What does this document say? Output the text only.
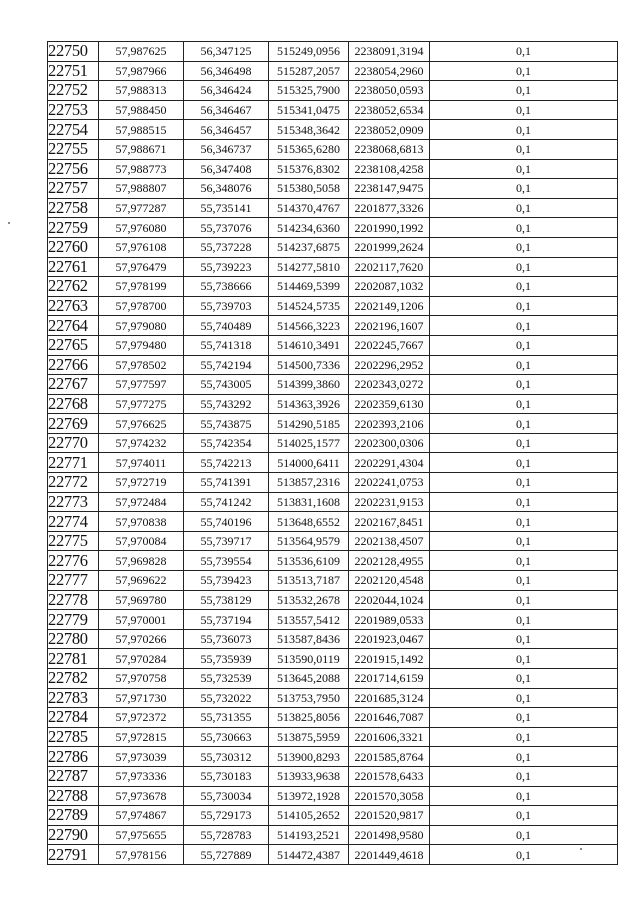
22750	57,987625	56,347125	515249,0956	2238091,3194	0,1
22751	57,987966	56,346498	515287,2057	2238054,2960	0,1
22752	57,988313	56,346424	515325,7900	2238050,0593	0,1
22753	57,988450	56,346467	515341,0475	2238052,6534	0,1
22754	57,988515	56,346457	515348,3642	2238052,0909	0,1
22755	57,988671	56,346737	515365,6280	2238068,6813	0,1
22756	57,988773	56,347408	515376,8302	2238108,4258	0,1
22757	57,988807	56,348076	515380,5058	2238147,9475	0,1
22758	57,977287	55,735141	514370,4767	2201877,3326	0,1
22759	57,976080	55,737076	514234,6360	2201990,1992	0,1
22760	57,976108	55,737228	514237,6875	2201999,2624	0,1
22761	57,976479	55,739223	514277,5810	2202117,7620	0,1
22762	57,978199	55,738666	514469,5399	2202087,1032	0,1
22763	57,978700	55,739703	514524,5735	2202149,1206	0,1
22764	57,979080	55,740489	514566,3223	2202196,1607	0,1
22765	57,979480	55,741318	514610,3491	2202245,7667	0,1
22766	57,978502	55,742194	514500,7336	2202296,2952	0,1
22767	57,977597	55,743005	514399,3860	2202343,0272	0,1
22768	57,977275	55,743292	514363,3926	2202359,6130	0,1
22769	57,976625	55,743875	514290,5185	2202393,2106	0,1
22770	57,974232	55,742354	514025,1577	2202300,0306	0,1
22771	57,974011	55,742213	514000,6411	2202291,4304	0,1
22772	57,972719	55,741391	513857,2316	2202241,0753	0,1
22773	57,972484	55,741242	513831,1608	2202231,9153	0,1
22774	57,970838	55,740196	513648,6552	2202167,8451	0,1
22775	57,970084	55,739717	513564,9579	2202138,4507	0,1
22776	57,969828	55,739554	513536,6109	2202128,4955	0,1
22777	57,969622	55,739423	513513,7187	2202120,4548	0,1
22778	57,969780	55,738129	513532,2678	2202044,1024	0,1
22779	57,970001	55,737194	513557,5412	2201989,0533	0,1
22780	57,970266	55,736073	513587,8436	2201923,0467	0,1
22781	57,970284	55,735939	513590,0119	2201915,1492	0,1
22782	57,970758	55,732539	513645,2088	2201714,6159	0,1
22783	57,971730	55,732022	513753,7950	2201685,3124	0,1
22784	57,972372	55,731355	513825,8056	2201646,7087	0,1
22785	57,972815	55,730663	513875,5959	2201606,3321	0,1
22786	57,973039	55,730312	513900,8293	2201585,8764	0,1
22787	57,973336	55,730183	513933,9638	2201578,6433	0,1
22788	57,973678	55,730034	513972,1928	2201570,3058	0,1
22789	57,974867	55,729173	514105,2652	2201520,9817	0,1
22790	57,975655	55,728783	514193,2521	2201498,9580	0,1
22791	57,978156	55,727889	514472,4387	2201449,4618	0,1
